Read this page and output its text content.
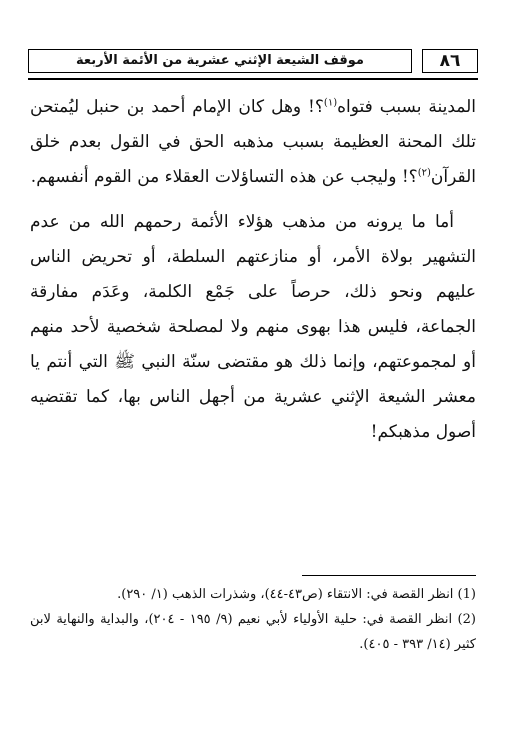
٨٦
موقف الشيعة الإثني عشرية من الأئمة الأربعة

المدينة بسبب فتواه$^{(١)}$؟! وهل كان الإمام أحمد بن حنبل ليُمتحن تلك المحنة العظيمة بسبب مذهبه الحق في القول بعدم خلق القرآن$^{(٢)}$؟! وليجب عن هذه التساؤلات العقلاء من القوم أنفسهم.

أما ما يرونه من مذهب هؤلاء الأئمة رحمهم الله من عدم التشهير بولاة الأمر، أو منازعتهم السلطة، أو تحريض الناس عليهم ونحو ذلك، حرصاً على جَمْع الكلمة، وعَدَم مفارقة الجماعة، فليس هذا بهوى منهم ولا لمصلحة شخصية لأحد منهم أو لمجموعتهم، وإنما ذلك هو مقتضى سنّة النبي ﷺ التي أنتم يا معشر الشيعة الإثني عشرية من أجهل الناس بها، كما تقتضيه أصول مذهبكم!

(1) انظر القصة في: الانتقاء (ص٤٣-٤٤)، وشذرات الذهب (١/ ٢٩٠).

(2) انظر القصة في: حلية الأولياء لأبي نعيم (٩/ ١٩٥ - ٢٠٤)، والبداية والنهاية لابن كثير (١٤/ ٣٩٣ - ٤٠٥).
